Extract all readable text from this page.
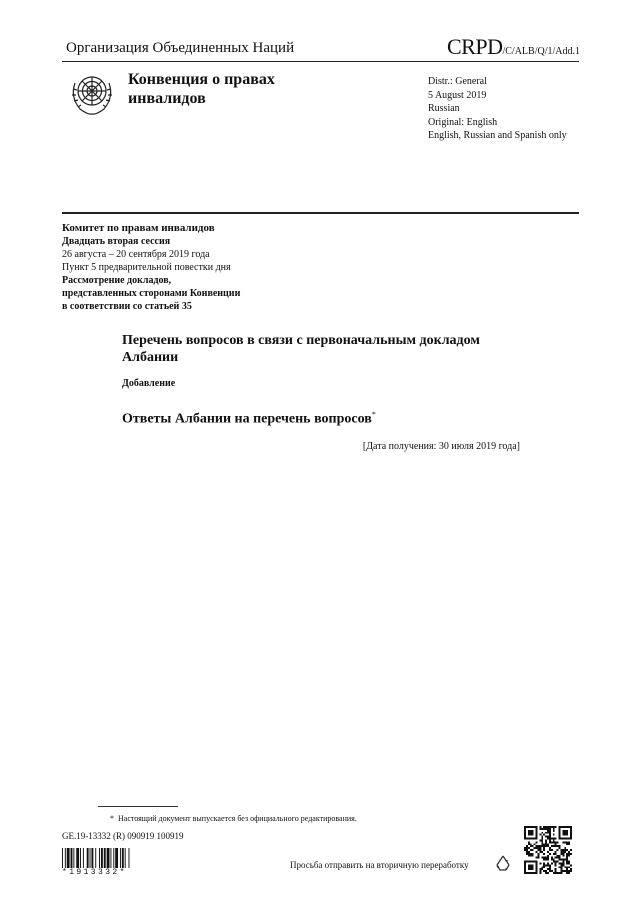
Организация Объединенных Наций	CRPD/C/ALB/Q/1/Add.1
Конвенция о правах
инвалидов
Distr.: General
5 August 2019
Russian
Original: English
English, Russian and Spanish only
Комитет по правам инвалидов
Двадцать вторая сессия
26 августа – 20 сентября 2019 года
Пункт 5 предварительной повестки дня
Рассмотрение докладов,
представленных сторонами Конвенции
в соответствии со статьей 35
Перечень вопросов в связи с первоначальным докладом Албании
Добавление
Ответы Албании на перечень вопросов*
[Дата получения: 30 июля 2019 года]
* Настоящий документ выпускается без официального редактирования.
GE.19-13332 (R) 090919 100919
*1913332*
Просьба отправить на вторичную переработку
